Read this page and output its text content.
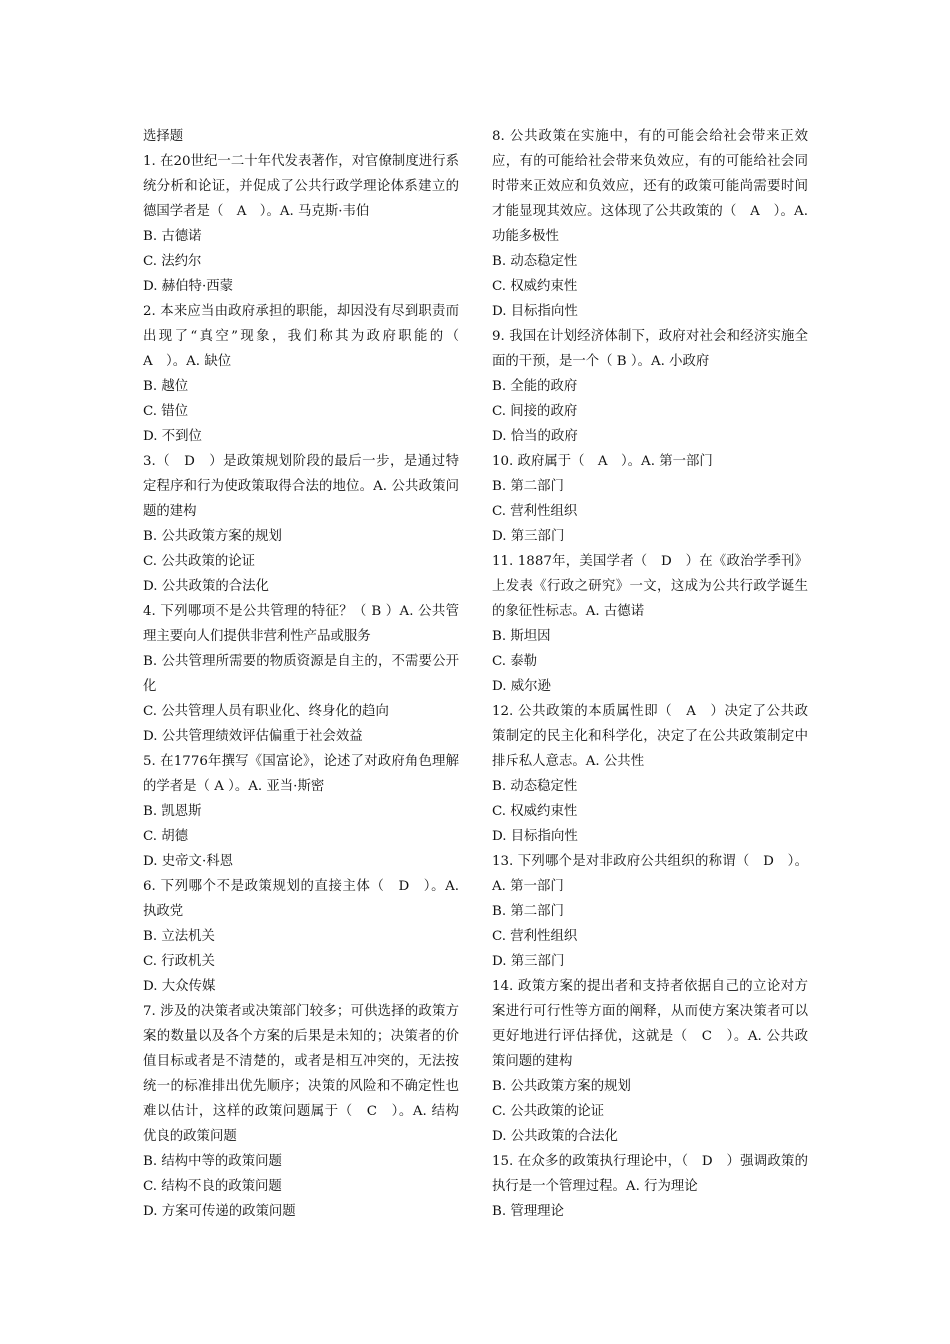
选择题
1. 在20世纪一二十年代发表著作，对官僚制度进行系统分析和论证，并促成了公共行政学理论体系建立的德国学者是（　A　）。A. 马克斯·韦伯
B. 古德诺
C. 法约尔
D. 赫伯特·西蒙
2. 本来应当由政府承担的职能，却因没有尽到职责而出现了“真空”现象，我们称其为政府职能的（　A　）。A. 缺位
B. 越位
C. 错位
D. 不到位
3.（　D　）是政策规划阶段的最后一步，是通过特定程序和行为使政策取得合法的地位。A. 公共政策问题的建构
B. 公共政策方案的规划
C. 公共政策的论证
D. 公共政策的合法化
4. 下列哪项不是公共管理的特征？（ B ）A. 公共管理主要向人们提供非营利性产品或服务
B. 公共管理所需要的物质资源是自主的，不需要公开化
C. 公共管理人员有职业化、终身化的趋向
D. 公共管理绩效评估偏重于社会效益
5. 在1776年撰写《国富论》，论述了对政府角色理解的学者是（ A ）。A. 亚当·斯密
B. 凯恩斯
C. 胡德
D. 史帝文·科恩
6. 下列哪个不是政策规划的直接主体（　D　）。A. 执政党
B. 立法机关
C. 行政机关
D. 大众传媒
7. 涉及的决策者或决策部门较多；可供选择的政策方案的数量以及各个方案的后果是未知的；决策者的价值目标或者是不清楚的，或者是相互冲突的，无法按统一的标准排出优先顺序；决策的风险和不确定性也难以估计，这样的政策问题属于（　C　）。A. 结构优良的政策问题
B. 结构中等的政策问题
C. 结构不良的政策问题
D. 方案可传递的政策问题
8. 公共政策在实施中，有的可能会给社会带来正效应，有的可能给社会带来负效应，有的可能给社会同时带来正效应和负效应，还有的政策可能尚需要时间才能显现其效应。这体现了公共政策的（　A　）。A. 功能多极性
B. 动态稳定性
C. 权威约束性
D. 目标指向性
9. 我国在计划经济体制下，政府对社会和经济实施全面的干预，是一个（ B ）。A. 小政府
B. 全能的政府
C. 间接的政府
D. 恰当的政府
10. 政府属于（　A　）。A. 第一部门
B. 第二部门
C. 营利性组织
D. 第三部门
11. 1887年，美国学者（　D　）在《政治学季刊》上发表《行政之研究》一文，这成为公共行政学诞生的象征性标志。A. 古德诺
B. 斯坦因
C. 泰勒
D. 威尔逊
12. 公共政策的本质属性即（　A　）决定了公共政策制定的民主化和科学化，决定了在公共政策制定中排斥私人意志。A. 公共性
B. 动态稳定性
C. 权威约束性
D. 目标指向性
13. 下列哪个是对非政府公共组织的称谓（　D　）。A. 第一部门
B. 第二部门
C. 营利性组织
D. 第三部门
14. 政策方案的提出者和支持者依据自己的立论对方案进行可行性等方面的阐释，从而使方案决策者可以更好地进行评估择优，这就是（　C　）。A. 公共政策问题的建构
B. 公共政策方案的规划
C. 公共政策的论证
D. 公共政策的合法化
15. 在众多的政策执行理论中，（　D　）强调政策的执行是一个管理过程。A. 行为理论
B. 管理理论
